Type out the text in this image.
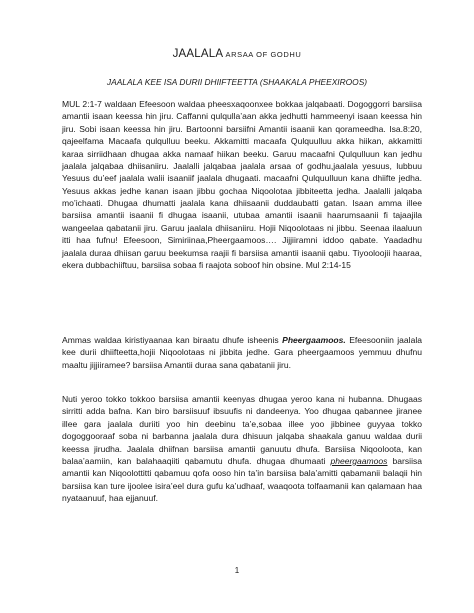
JAALALA ARSAA OF GODHU
JAALALA KEE ISA DURII DHIIFTEETTA (SHAAKALA PHEEXIROOS)
MUL 2:1-7 waldaan Efeesoon waldaa pheesxaqoonxee bokkaa jalqabaati. Dogoggorri barsiisa amantii isaan keessa hin jiru. Caffanni qulqulla’aan akka jedhutti hammeenyi isaan keessa hin jiru. Sobi isaan keessa hin jiru. Bartoonni barsiifni Amantii isaanii kan qorameedha. Isa.8:20, qajeelfama Macaafa qulqulluu beeku. Akkamitti macaafa Qulquulluu akka hiikan, akkamitti karaa sirriidhaan dhugaa akka namaaf hiikan beeku. Garuu macaafni Qulqulluun kan jedhu jaalala jalqabaa dhiisaniiru. Jaalalli jalqabaa jaalala arsaa of godhu,jaalala yesuus, lubbuu Yesuus du’eef jaalala walii isaaniif jaalala dhugaati. macaafni Qulquulluun kana dhiifte jedha. Yesuus akkas jedhe kanan isaan jibbu gochaa Niqoolotaa jibbiteetta jedha. Jaalalli jalqaba mo’ichaati. Dhugaa dhumatti jaalala kana dhiisaanii duddaubatti gatan. Isaan amma illee barsiisa amantii isaanii fi dhugaa isaanii, utubaa amantii isaanii haarumsaanii fi tajaajila wangeelaa qabatanii jiru. Garuu jaalala dhiisaniiru. Hojii Niqoolotaas ni jibbu. Seenaa ilaaluun itti haa fufnu! Efeesoon, Simiriinaa,Pheergaamoos…. Jijjiiramni iddoo qabate. Yaadadhu jaalala duraa dhiisan garuu beekumsa raajii fi barsiisa amantii isaanii qabu. Tiyooloojii haaraa, ekera dubbachiiftuu, barsiisa sobaa fi raajota soboof hin obsine. Mul 2:14-15
Ammas waldaa kiristiyaanaa kan biraatu dhufe isheenis Pheergaamoos. Efeesooniin jaalala kee durii dhiifteetta,hojii Niqoolotaas ni jibbita jedhe. Gara pheergaamoos yemmuu dhufnu maaltu jijjiiramee? barsiisa Amantii duraa sana qabatanii jiru.
Nuti yeroo tokko tokkoo barsiisa amantii keenyas dhugaa yeroo kana ni hubanna. Dhugaas sirritti adda bafna. Kan biro barsiisuuf ibsuufis ni dandeenya. Yoo dhugaa qabannee jiranee illee gara jaalala duriiti yoo hin deebinu ta’e,sobaa illee yoo jibbinee guyyaa tokko dogoggooraaf soba ni barbanna jaalala dura dhisuun jalqaba shaakala ganuu waldaa durii keessa jirudha. Jaalala dhiifnan barsiisa amantii ganuutu dhufa. Barsiisa Niqooloota, kan balaa’aamiin, kan balahaaqiiti qabamutu dhufa. dhugaa dhumaati pheergaamoos barsiisa amantii kan Niqoolottitti qabamuu qofa ooso hin ta’in barsiisa bala’amitti qabamanii balaqii hin barsiisa kan ture ijoolee isira’eel dura gufu ka’udhaaf, waaqoota tolfaamanii kan qalamaan haa nyataanuuf, haa ejjanuuf.
1
